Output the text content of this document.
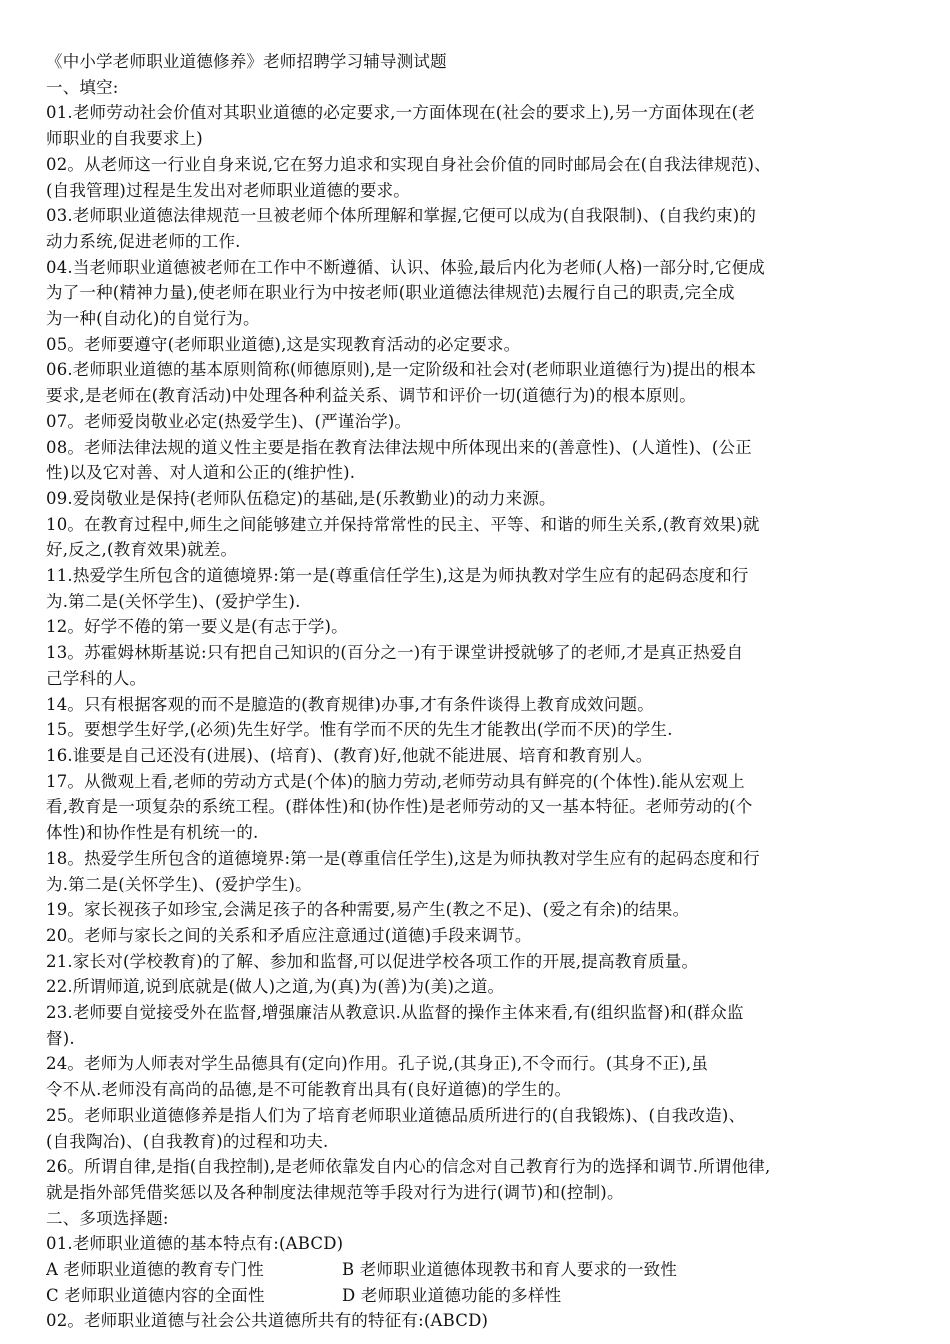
《中小学老师职业道德修养》老师招聘学习辅导测试题
一、填空:
01.老师劳动社会价值对其职业道德的必定要求,一方面体现在(社会的要求上),另一方面体现在(老
师职业的自我要求上)
02。从老师这一行业自身来说,它在努力追求和实现自身社会价值的同时邮局会在(自我法律规范)、
(自我管理)过程是生发出对老师职业道德的要求。
03.老师职业道德法律规范一旦被老师个体所理解和掌握,它便可以成为(自我限制)、(自我约束)的
动力系统,促进老师的工作.
04.当老师职业道德被老师在工作中不断遵循、认识、体验,最后内化为老师(人格)一部分时,它便成
为了一种(精神力量),使老师在职业行为中按老师(职业道德法律规范)去履行自己的职责,完全成
为一种(自动化)的自觉行为。
05。老师要遵守(老师职业道德),这是实现教育活动的必定要求。
06.老师职业道德的基本原则简称(师德原则),是一定阶级和社会对(老师职业道德行为)提出的根本
要求,是老师在(教育活动)中处理各种利益关系、调节和评价一切(道德行为)的根本原则。
07。老师爱岗敬业必定(热爱学生)、(严谨治学)。
08。老师法律法规的道义性主要是指在教育法律法规中所体现出来的(善意性)、(人道性)、(公正
性)以及它对善、对人道和公正的(维护性).
09.爱岗敬业是保持(老师队伍稳定)的基础,是(乐教勤业)的动力来源。
10。在教育过程中,师生之间能够建立并保持常常性的民主、平等、和谐的师生关系,(教育效果)就
好,反之,(教育效果)就差。
11.热爱学生所包含的道德境界:第一是(尊重信任学生),这是为师执教对学生应有的起码态度和行
为.第二是(关怀学生)、(爱护学生).
12。好学不倦的第一要义是(有志于学)。
13。苏霍姆林斯基说:只有把自己知识的(百分之一)有于课堂讲授就够了的老师,才是真正热爱自
己学科的人。
14。只有根据客观的而不是臆造的(教育规律)办事,才有条件谈得上教育成效问题。
15。要想学生好学,(必须)先生好学。惟有学而不厌的先生才能教出(学而不厌)的学生.
16.谁要是自己还没有(进展)、(培育)、(教育)好,他就不能进展、培育和教育别人。
17。从微观上看,老师的劳动方式是(个体)的脑力劳动,老师劳动具有鲜亮的(个体性).能从宏观上
看,教育是一项复杂的系统工程。(群体性)和(协作性)是老师劳动的又一基本特征。老师劳动的(个
体性)和协作性是有机统一的.
18。热爱学生所包含的道德境界:第一是(尊重信任学生),这是为师执教对学生应有的起码态度和行
为.第二是(关怀学生)、(爱护学生)。
19。家长视孩子如珍宝,会满足孩子的各种需要,易产生(教之不足)、(爱之有余)的结果。
20。老师与家长之间的关系和矛盾应注意通过(道德)手段来调节。
21.家长对(学校教育)的了解、参加和监督,可以促进学校各项工作的开展,提高教育质量。
22.所谓师道,说到底就是(做人)之道,为(真)为(善)为(美)之道。
23.老师要自觉接受外在监督,增强廉洁从教意识.从监督的操作主体来看,有(组织监督)和(群众监
督).
24。老师为人师表对学生品德具有(定向)作用。孔子说,(其身正),不令而行。(其身不正),虽
令不从.老师没有高尚的品德,是不可能教育出具有(良好道德)的学生的。
25。老师职业道德修养是指人们为了培育老师职业道德品质所进行的(自我锻炼)、(自我改造)、
(自我陶冶)、(自我教育)的过程和功夫.
26。所谓自律,是指(自我控制),是老师依靠发自内心的信念对自己教育行为的选择和调节.所谓他律,
就是指外部凭借奖惩以及各种制度法律规范等手段对行为进行(调节)和(控制)。
二、多项选择题:
01.老师职业道德的基本特点有:(ABCD)
A 老师职业道德的教育专门性	B 老师职业道德体现教书和育人要求的一致性
C 老师职业道德内容的全面性	D 老师职业道德功能的多样性
02。老师职业道德与社会公共道德所共有的特征有:(ABCD)
